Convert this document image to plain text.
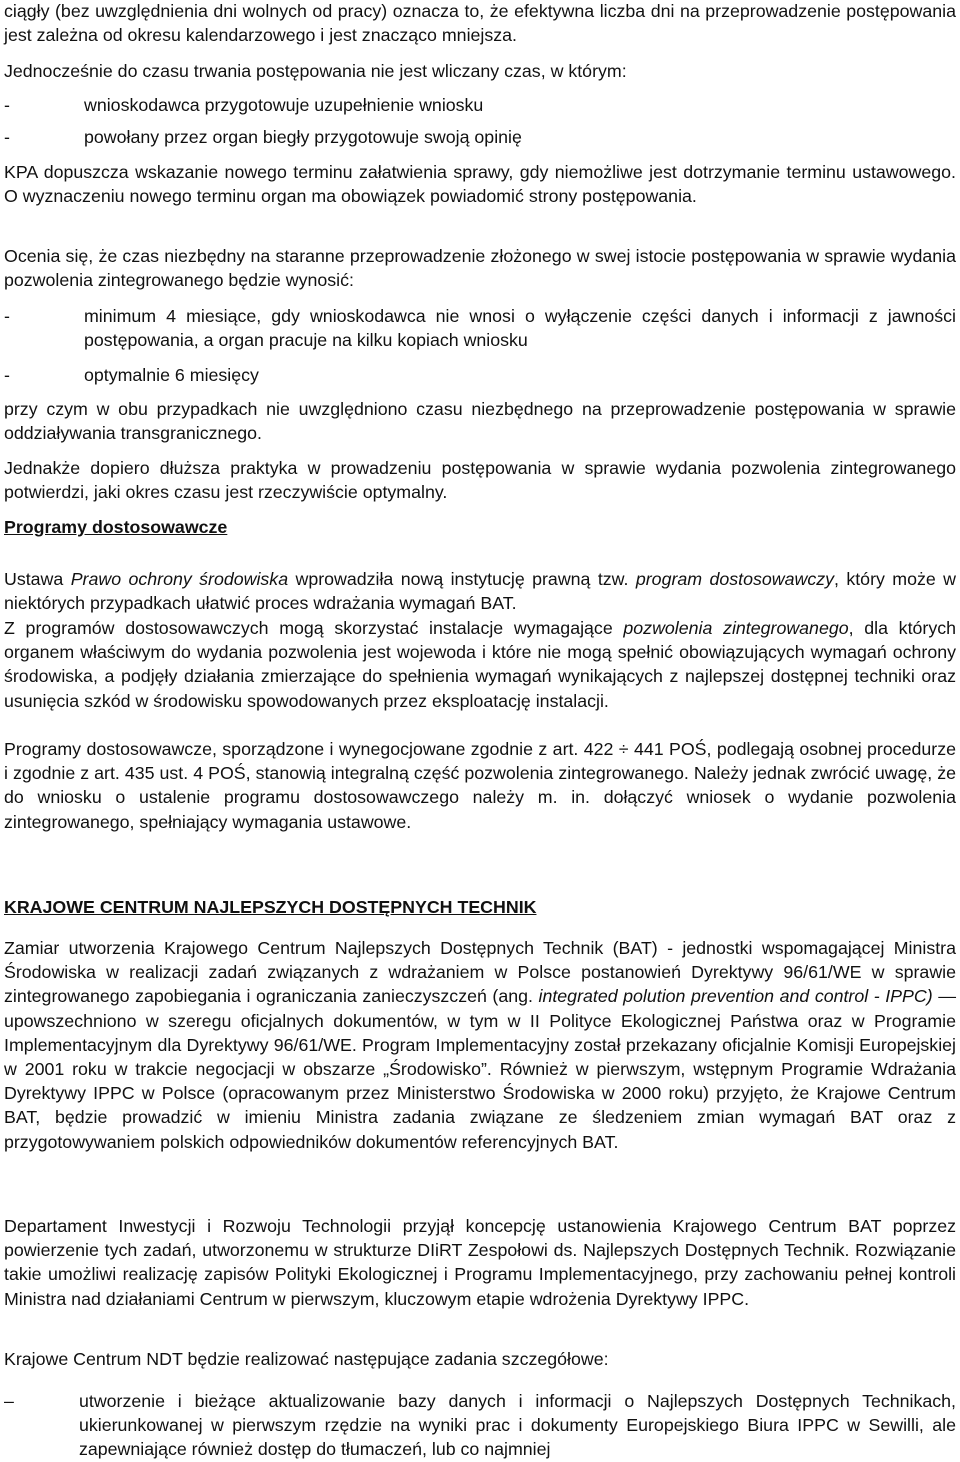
ciągły (bez uwzględnienia dni wolnych od pracy) oznacza to, że efektywna liczba dni na przeprowadzenie postępowania jest zależna od okresu kalendarzowego i jest znacząco mniejsza.

Jednocześnie do czasu trwania postępowania nie jest wliczany czas, w którym:

-	wnioskodawca przygotowuje uzupełnienie wniosku
-	powołany przez organ biegły przygotowuje swoją opinię

KPA dopuszcza wskazanie nowego terminu załatwienia sprawy, gdy niemożliwe jest dotrzymanie terminu ustawowego. O wyznaczeniu nowego terminu organ ma obowiązek powiadomić strony postępowania.

Ocenia się, że czas niezbędny na staranne przeprowadzenie złożonego w swej istocie postępowania w sprawie wydania pozwolenia zintegrowanego będzie wynosić:

-	minimum 4 miesiące, gdy wnioskodawca nie wnosi o wyłączenie części danych i informacji z jawności postępowania, a organ pracuje na kilku kopiach wniosku
-	optymalnie 6 miesięcy

przy czym w obu przypadkach nie uwzględniono czasu niezbędnego na przeprowadzenie postępowania w sprawie oddziaływania transgranicznego.

Jednakże dopiero dłuższa praktyka w prowadzeniu postępowania w sprawie wydania pozwolenia zintegrowanego potwierdzi, jaki okres czasu jest rzeczywiście optymalny.

Programy dostosowawcze

Ustawa Prawo ochrony środowiska wprowadziła nową instytucję prawną tzw. program dostosowawczy, który może w niektórych przypadkach ułatwić proces wdrażania wymagań BAT.

Z programów dostosowawczych mogą skorzystać instalacje wymagające pozwolenia zintegrowanego, dla których organem właściwym do wydania pozwolenia jest wojewoda i które nie mogą spełnić obowiązujących wymagań ochrony środowiska, a podjęły działania zmierzające do spełnienia wymagań wynikających z najlepszej dostępnej techniki oraz usunięcia szkód w środowisku spowodowanych przez eksploatację instalacji.

Programy dostosowawcze, sporządzone i wynegocjowane zgodnie z art. 422 ÷ 441 POŚ, podlegają osobnej procedurze i zgodnie z art. 435 ust. 4 POŚ, stanowią integralną część pozwolenia zintegrowanego. Należy jednak zwrócić uwagę, że do wniosku o ustalenie programu dostosowawczego należy m. in. dołączyć wniosek o wydanie pozwolenia zintegrowanego, spełniający wymagania ustawowe.

KRAJOWE CENTRUM NAJLEPSZYCH DOSTĘPNYCH TECHNIK

Zamiar utworzenia Krajowego Centrum Najlepszych Dostępnych Technik (BAT) - jednostki wspomagającej Ministra Środowiska w realizacji zadań związanych z wdrażaniem w Polsce postanowień Dyrektywy 96/61/WE w sprawie zintegrowanego zapobiegania i ograniczania zanieczyszczeń (ang. integrated polution prevention and control - IPPC) — upowszechniono w szeregu oficjalnych dokumentów, w tym w II Polityce Ekologicznej Państwa oraz w Programie Implementacyjnym dla Dyrektywy 96/61/WE. Program Implementacyjny został przekazany oficjalnie Komisji Europejskiej w 2001 roku w trakcie negocjacji w obszarze „Środowisko”. Również w pierwszym, wstępnym Programie Wdrażania Dyrektywy IPPC w Polsce (opracowanym przez Ministerstwo Środowiska w 2000 roku) przyjęto, że Krajowe Centrum BAT, będzie prowadzić w imieniu Ministra zadania związane ze śledzeniem zmian wymagań BAT oraz z przygotowywaniem polskich odpowiedników dokumentów referencyjnych BAT.

Departament Inwestycji i Rozwoju Technologii przyjął koncepcję ustanowienia Krajowego Centrum BAT poprzez powierzenie tych zadań, utworzonemu w strukturze DIiRT Zespołowi ds. Najlepszych Dostępnych Technik. Rozwiązanie takie umożliwi realizację zapisów Polityki Ekologicznej i Programu Implementacyjnego, przy zachowaniu pełnej kontroli Ministra nad działaniami Centrum w pierwszym, kluczowym etapie wdrożenia Dyrektywy IPPC.

Krajowe Centrum NDT będzie realizować następujące zadania szczegółowe:

–	utworzenie i bieżące aktualizowanie bazy danych i informacji o Najlepszych Dostępnych Technikach, ukierunkowanej w pierwszym rzędzie na wyniki prac i dokumenty Europejskiego Biura IPPC w Sewilli, ale zapewniające również dostęp do tłumaczeń, lub co najmniej
